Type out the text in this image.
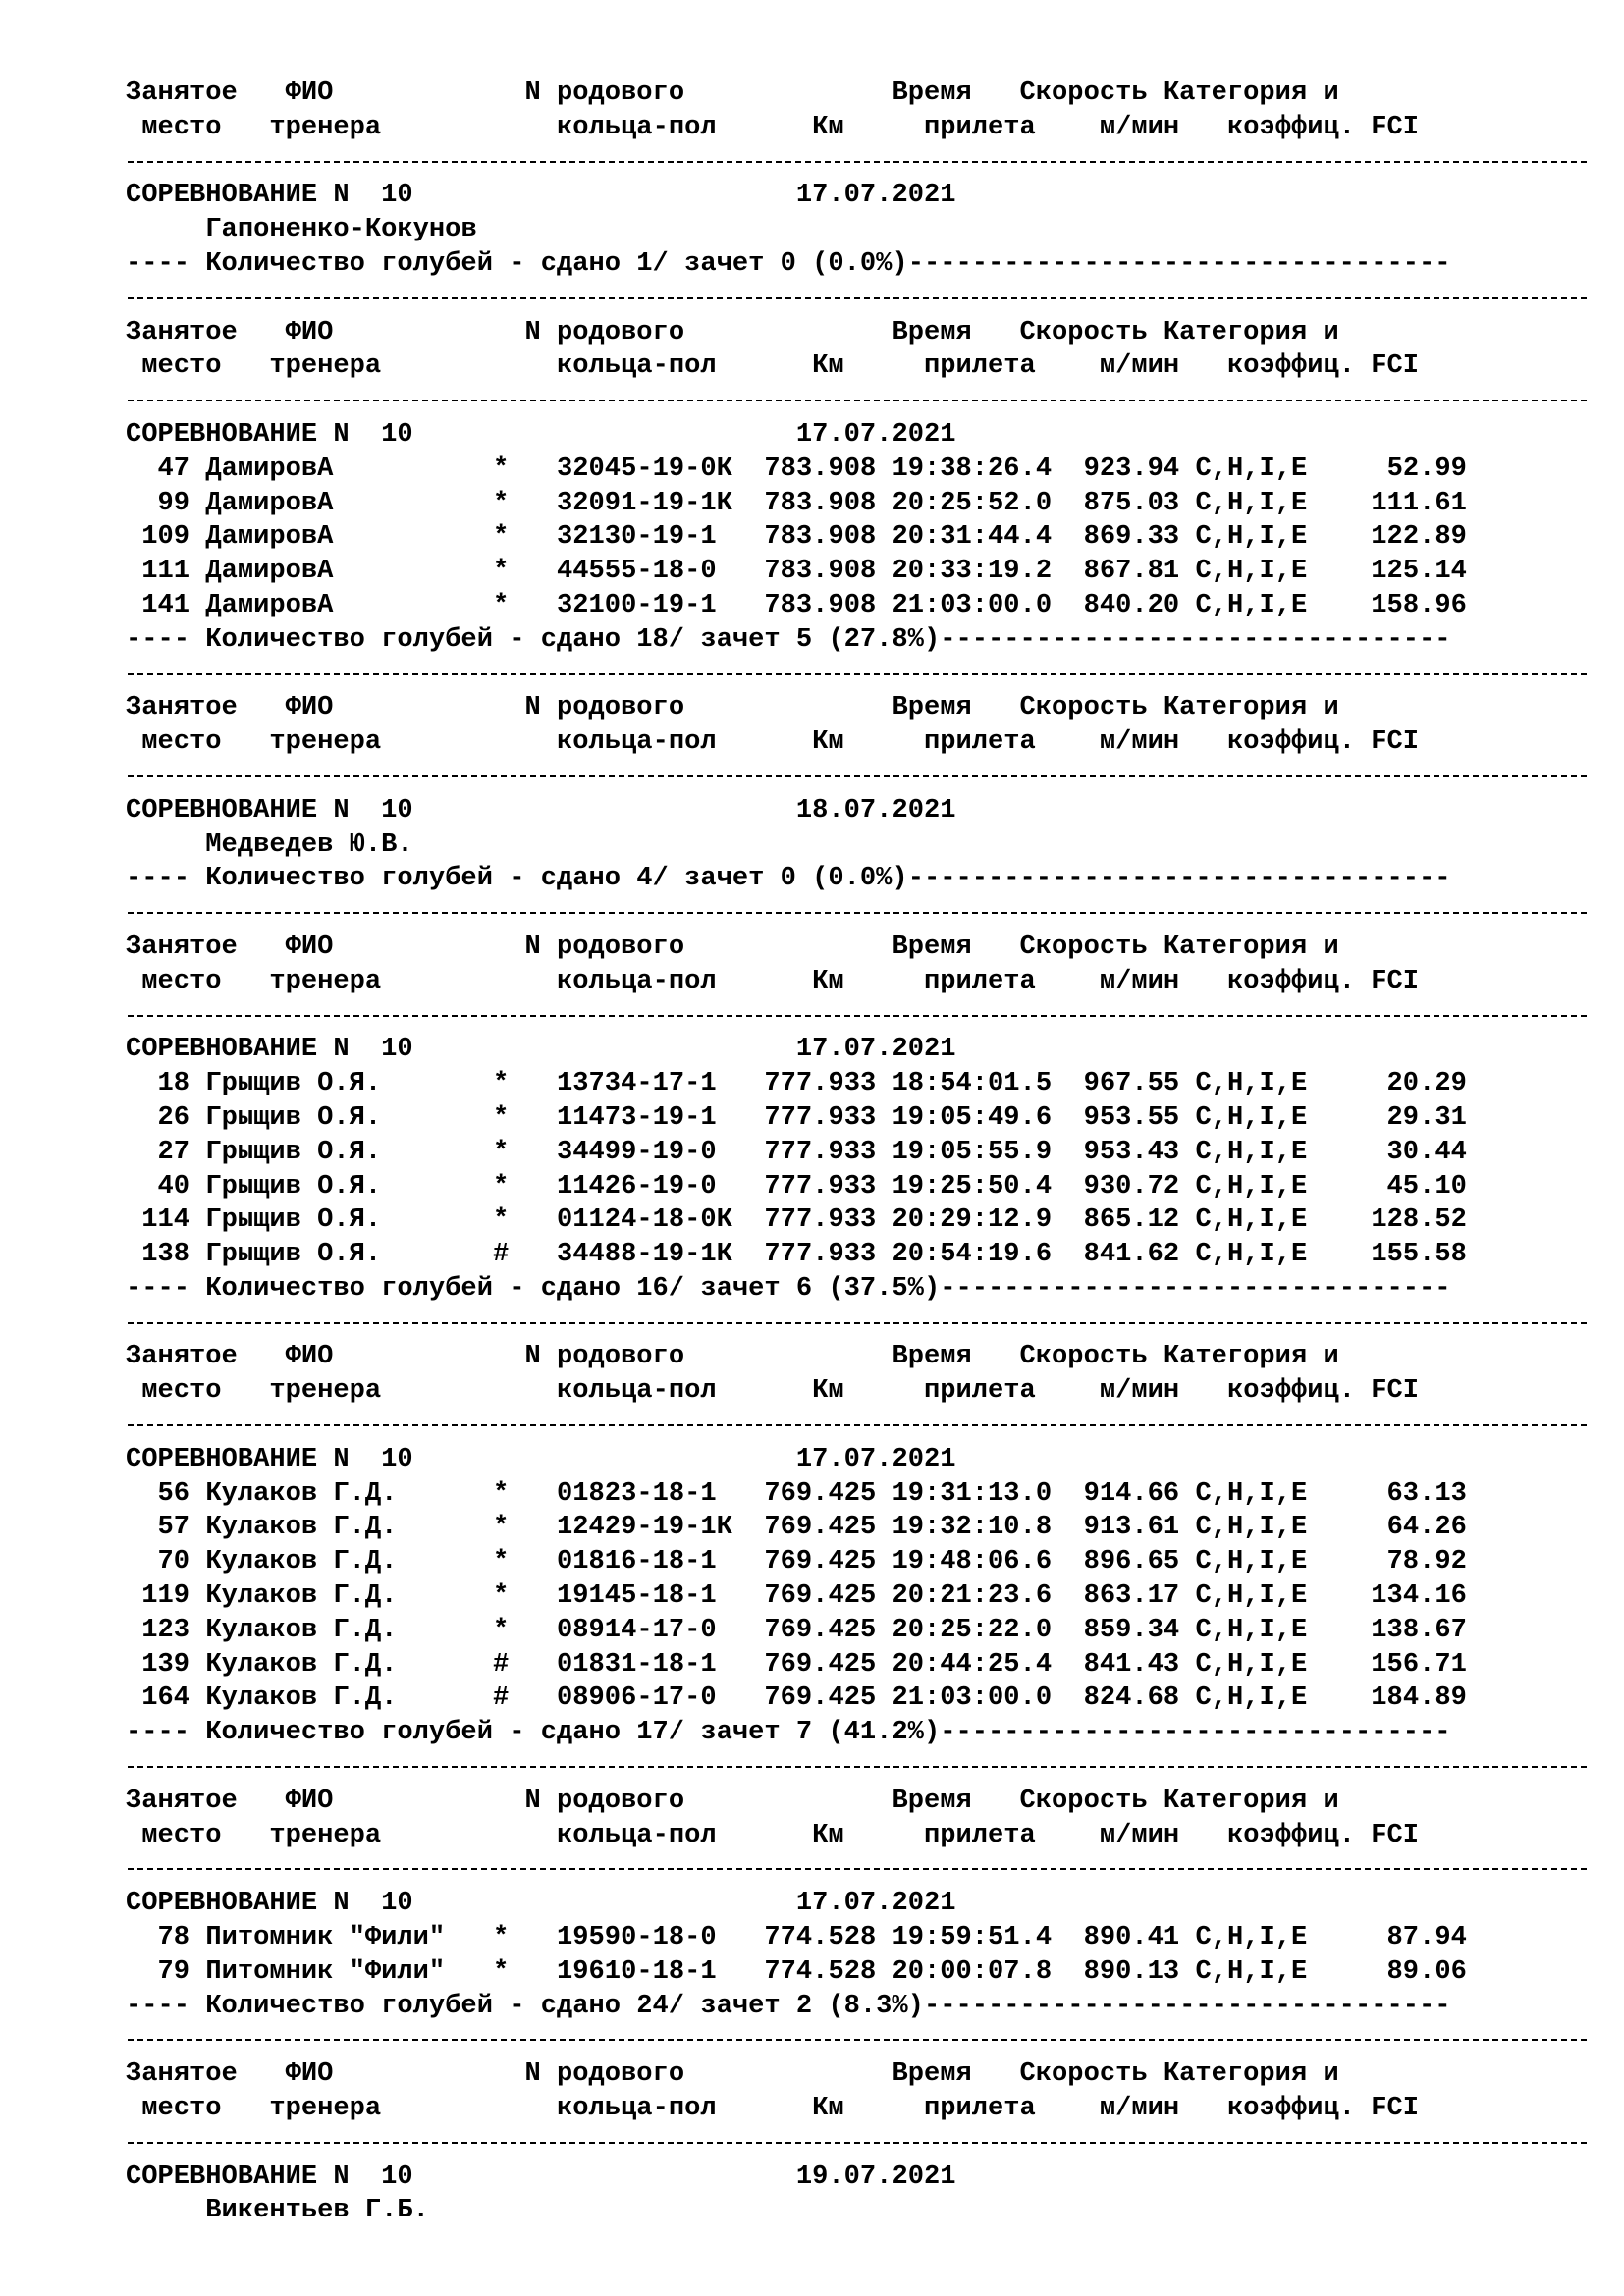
Занятое ФИО	N родового	Время Скорость Категория и
место тренера	кольца-пол	Км	прилета м/мин коэффиц. FCI
СОРЕВНОВАНИЕ N  10	17.07.2021
Гапоненко-Кокунов
---- Количество голубей - сдано 1/ зачет 0 (0.0%)----------------------------------
Занятое ФИО	N родового	Время Скорость Категория и
место тренера	кольца-пол	Км	прилета м/мин коэффиц. FCI
СОРЕВНОВАНИЕ N  10	17.07.2021
47 ДамировА	* 32045-19-0К 783.908 19:38:26.4 923.94 C,H,I,E	52.99
99 ДамировА	* 32091-19-1К 783.908 20:25:52.0 875.03 C,H,I,E 111.61
109 ДамировА	* 32130-19-1 783.908 20:31:44.4 869.33 C,H,I,E 122.89
111 ДамировА	* 44555-18-0 783.908 20:33:19.2 867.81 C,H,I,E 125.14
141 ДамировА	* 32100-19-1 783.908 21:03:00.0 840.20 C,H,I,E 158.96
---- Количество голубей - сдано 18/ зачет 5 (27.8%)--------------------------------
Занятое ФИО	N родового	Время Скорость Категория и
место тренера	кольца-пол	Км	прилета м/мин коэффиц. FCI
СОРЕВНОВАНИЕ N  10	18.07.2021
Медведев Ю.В.
---- Количество голубей - сдано 4/ зачет 0 (0.0%)----------------------------------
Занятое ФИО	N родового	Время Скорость Категория и
место тренера	кольца-пол	Км	прилета м/мин коэффиц. FCI
СОРЕВНОВАНИЕ N  10	17.07.2021
18 Грыщив О.Я.	* 13734-17-1 777.933 18:54:01.5 967.55 C,H,I,E	20.29
26 Грыщив О.Я.	* 11473-19-1 777.933 19:05:49.6 953.55 C,H,I,E	29.31
27 Грыщив О.Я.	* 34499-19-0 777.933 19:05:55.9 953.43 C,H,I,E	30.44
40 Грыщив О.Я.	* 11426-19-0 777.933 19:25:50.4 930.72 C,H,I,E	45.10
114 Грыщив О.Я.	* 01124-18-0К 777.933 20:29:12.9 865.12 C,H,I,E 128.52
138 Грыщив О.Я.	# 34488-19-1К 777.933 20:54:19.6 841.62 C,H,I,E 155.58
---- Количество голубей - сдано 16/ зачет 6 (37.5%)--------------------------------
Занятое ФИО	N родового	Время Скорость Категория и
место тренера	кольца-пол	Км	прилета м/мин коэффиц. FCI
СОРЕВНОВАНИЕ N  10	17.07.2021
56 Кулаков Г.Д.	* 01823-18-1 769.425 19:31:13.0 914.66 C,H,I,E	63.13
57 Кулаков Г.Д.	* 12429-19-1К 769.425 19:32:10.8 913.61 C,H,I,E	64.26
70 Кулаков Г.Д.	* 01816-18-1 769.425 19:48:06.6 896.65 C,H,I,E	78.92
119 Кулаков Г.Д.	* 19145-18-1 769.425 20:21:23.6 863.17 C,H,I,E 134.16
123 Кулаков Г.Д.	* 08914-17-0 769.425 20:25:22.0 859.34 C,H,I,E 138.67
139 Кулаков Г.Д.	# 01831-18-1 769.425 20:44:25.4 841.43 C,H,I,E 156.71
164 Кулаков Г.Д.	# 08906-17-0 769.425 21:03:00.0 824.68 C,H,I,E 184.89
---- Количество голубей - сдано 17/ зачет 7 (41.2%)--------------------------------
Занятое ФИО	N родового	Время Скорость Категория и
место тренера	кольца-пол	Км	прилета м/мин коэффиц. FCI
СОРЕВНОВАНИЕ N  10	17.07.2021
78 Питомник "Фили" * 19590-18-0 774.528 19:59:51.4 890.41 C,H,I,E	87.94
79 Питомник "Фили" * 19610-18-1 774.528 20:00:07.8 890.13 C,H,I,E	89.06
---- Количество голубей - сдано 24/ зачет 2 (8.3%)---------------------------------
Занятое ФИО	N родового	Время Скорость Категория и
место тренера	кольца-пол	Км	прилета м/мин коэффиц. FCI
СОРЕВНОВАНИЕ N  10	19.07.2021
Викентьев Г.Б.
